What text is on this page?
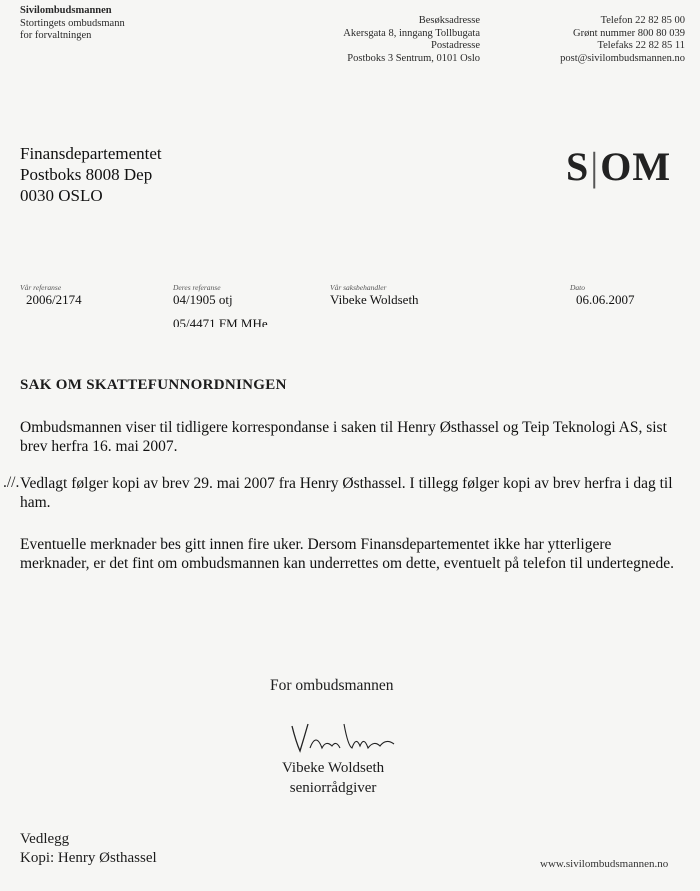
Sivilombudsmannen
Stortingets ombudsmann
for forvaltningen
Besøksadresse
Akersgata 8, inngang Tollbugata
Postadresse
Postboks 3 Sentrum, 0101 Oslo
Telefon 22 82 85 00
Grønt nummer 800 80 039
Telefaks 22 82 85 11
post@sivilombudsmannen.no
Finansdepartementet
Postboks 8008 Dep
0030 OSLO
S|OM
Vår referanse
2006/2174
Deres referanse
04/1905 otj
Vår saksbehandler
Vibeke Woldseth
Dato
06.06.2007
05/4471 FM MHe
SAK OM SKATTEFUNNORDNINGEN
Ombudsmannen viser til tidligere korrespondanse i saken til Henry Østhassel og Teip Teknologi AS, sist brev herfra 16. mai 2007.
.//. Vedlagt følger kopi av brev 29. mai 2007 fra Henry Østhassel. I tillegg følger kopi av brev herfra i dag til ham.
Eventuelle merknader bes gitt innen fire uker. Dersom Finansdepartementet ikke har ytterligere merknader, er det fint om ombudsmannen kan underrettes om dette, eventuelt på telefon til undertegnede.
For ombudsmannen
Vibeke Woldseth
seniorrådgiver
Vedlegg
Kopi: Henry Østhassel	www.sivilombudsmannen.no
